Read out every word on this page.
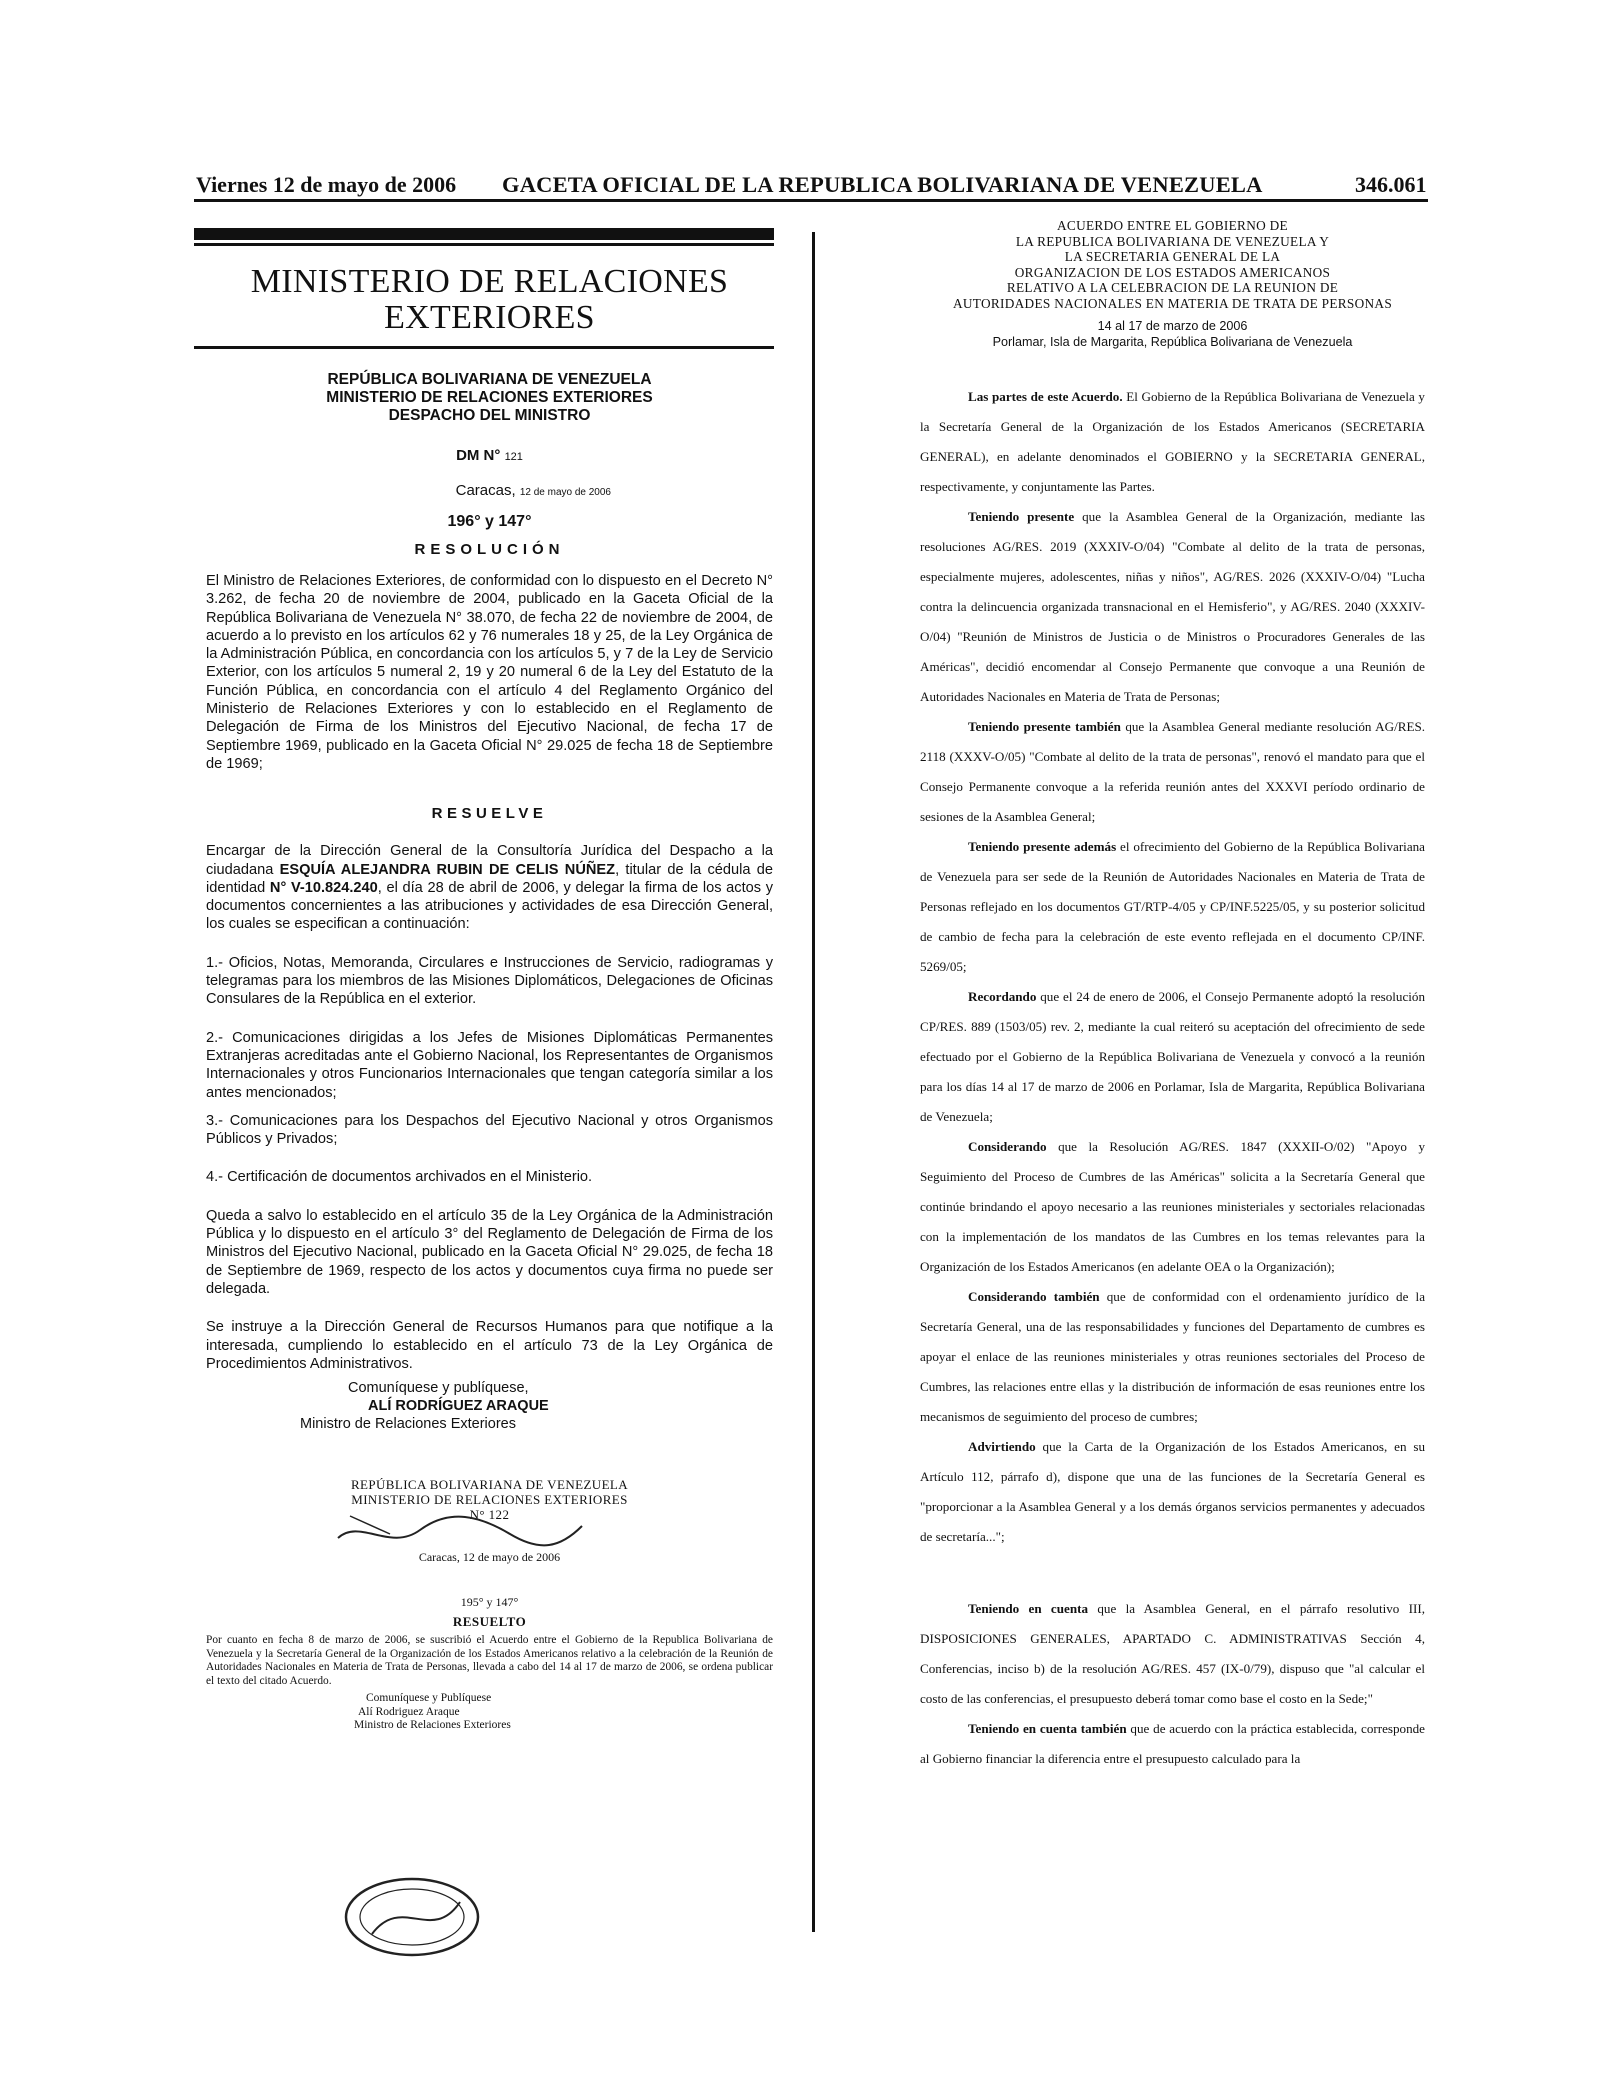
Viernes 12 de mayo de 2006 GACETA OFICIAL DE LA REPUBLICA BOLIVARIANA DE VENEZUELA	346.061
MINISTERIO DE RELACIONES
EXTERIORES
REPÚBLICA BOLIVARIANA DE VENEZUELA
MINISTERIO DE RELACIONES EXTERIORES
DESPACHO DEL MINISTRO
DM N° 121
Caracas, 12 de mayo de 2006
196° y 147°
RESOLUCIÓN
El Ministro de Relaciones Exteriores, de conformidad con lo dispuesto en el Decreto N° 3.262, de fecha 20 de noviembre de 2004, publicado en la Gaceta Oficial de la República Bolivariana de Venezuela N° 38.070, de fecha 22 de noviembre de 2004, de acuerdo a lo previsto en los artículos 62 y 76 numerales 18 y 25, de la Ley Orgánica de la Administración Pública, en concordancia con los artículos 5, y 7 de la Ley de Servicio Exterior, con los artículos 5 numeral 2, 19 y 20 numeral 6 de la Ley del Estatuto de la Función Pública, en concordancia con el artículo 4 del Reglamento Orgánico del Ministerio de Relaciones Exteriores y con lo establecido en el Reglamento de Delegación de Firma de los Ministros del Ejecutivo Nacional, de fecha 17 de Septiembre 1969, publicado en la Gaceta Oficial N° 29.025 de fecha 18 de Septiembre de 1969;
RESUELVE
Encargar de la Dirección General de la Consultoría Jurídica del Despacho a la ciudadana ESQUÍA ALEJANDRA RUBIN DE CELIS NÚÑEZ, titular de la cédula de identidad N° V-10.824.240, el día 28 de abril de 2006, y delegar la firma de los actos y documentos concernientes a las atribuciones y actividades de esa Dirección General, los cuales se especifican a continuación:
1.- Oficios, Notas, Memoranda, Circulares e Instrucciones de Servicio, radiogramas y telegramas para los miembros de las Misiones Diplomáticos, Delegaciones de Oficinas Consulares de la República en el exterior.
2.- Comunicaciones dirigidas a los Jefes de Misiones Diplomáticas Permanentes Extranjeras acreditadas ante el Gobierno Nacional, los Representantes de Organismos Internacionales y otros Funcionarios Internacionales que tengan categoría similar a los antes mencionados;
3.- Comunicaciones para los Despachos del Ejecutivo Nacional y otros Organismos Públicos y Privados;
4.- Certificación de documentos archivados en el Ministerio.
Queda a salvo lo establecido en el artículo 35 de la Ley Orgánica de la Administración Pública y lo dispuesto en el artículo 3° del Reglamento de Delegación de Firma de los Ministros del Ejecutivo Nacional, publicado en la Gaceta Oficial N° 29.025, de fecha 18 de Septiembre de 1969, respecto de los actos y documentos cuya firma no puede ser delegada.
Se instruye a la Dirección General de Recursos Humanos para que notifique a la interesada, cumpliendo lo establecido en el artículo 73 de la Ley Orgánica de Procedimientos Administrativos.
Comuníquese y publíquese,
ALÍ RODRÍGUEZ ARAQUE
Ministro de Relaciones Exteriores
REPÚBLICA BOLIVARIANA DE VENEZUELA
MINISTERIO DE RELACIONES EXTERIORES
N° 122
Caracas, 12 de mayo de 2006
195° y 147°
RESUELTO
Por cuanto en fecha 8 de marzo de 2006, se suscribió el Acuerdo entre el Gobierno de la Republica Bolivariana de Venezuela y la Secretaría General de la Organización de los Estados Americanos relativo a la celebración de la Reunión de Autoridades Nacionales en Materia de Trata de Personas, llevada a cabo del 14 al 17 de marzo de 2006, se ordena publicar el texto del citado Acuerdo.
Comuníquese y Publíquese
Alí Rodriguez Araque
Ministro de Relaciones Exteriores
ACUERDO ENTRE EL GOBIERNO DE
LA REPUBLICA BOLIVARIANA DE VENEZUELA Y
LA SECRETARIA GENERAL DE LA
ORGANIZACION DE LOS ESTADOS AMERICANOS
RELATIVO A LA CELEBRACION DE LA REUNION DE
AUTORIDADES NACIONALES EN MATERIA DE TRATA DE PERSONAS
14 al 17 de marzo de 2006
Porlamar, Isla de Margarita, República Bolivariana de Venezuela
Las partes de este Acuerdo. El Gobierno de la República Bolivariana de Venezuela y la Secretaría General de la Organización de los Estados Americanos (SECRETARIA GENERAL), en adelante denominados el GOBIERNO y la SECRETARIA GENERAL, respectivamente, y conjuntamente las Partes.
Teniendo presente que la Asamblea General de la Organización, mediante las resoluciones AG/RES. 2019 (XXXIV-O/04) "Combate al delito de la trata de personas, especialmente mujeres, adolescentes, niñas y niños", AG/RES. 2026 (XXXIV-O/04) "Lucha contra la delincuencia organizada transnacional en el Hemisferio", y AG/RES. 2040 (XXXIV-O/04) "Reunión de Ministros de Justicia o de Ministros o Procuradores Generales de las Américas", decidió encomendar al Consejo Permanente que convoque a una Reunión de Autoridades Nacionales en Materia de Trata de Personas;
Teniendo presente también que la Asamblea General mediante resolución AG/RES. 2118 (XXXV-O/05) "Combate al delito de la trata de personas", renovó el mandato para que el Consejo Permanente convoque a la referida reunión antes del XXXVI período ordinario de sesiones de la Asamblea General;
Teniendo presente además el ofrecimiento del Gobierno de la República Bolivariana de Venezuela para ser sede de la Reunión de Autoridades Nacionales en Materia de Trata de Personas reflejado en los documentos GT/RTP-4/05 y CP/INF.5225/05, y su posterior solicitud de cambio de fecha para la celebración de este evento reflejada en el documento CP/INF. 5269/05;
Recordando que el 24 de enero de 2006, el Consejo Permanente adoptó la resolución CP/RES. 889 (1503/05) rev. 2, mediante la cual reiteró su aceptación del ofrecimiento de sede efectuado por el Gobierno de la República Bolivariana de Venezuela y convocó a la reunión para los días 14 al 17 de marzo de 2006 en Porlamar, Isla de Margarita, República Bolivariana de Venezuela;
Considerando que la Resolución AG/RES. 1847 (XXXII-O/02) "Apoyo y Seguimiento del Proceso de Cumbres de las Américas" solicita a la Secretaría General que continúe brindando el apoyo necesario a las reuniones ministeriales y sectoriales relacionadas con la implementación de los mandatos de las Cumbres en los temas relevantes para la Organización de los Estados Americanos (en adelante OEA o la Organización);
Considerando también que de conformidad con el ordenamiento jurídico de la Secretaría General, una de las responsabilidades y funciones del Departamento de cumbres es apoyar el enlace de las reuniones ministeriales y otras reuniones sectoriales del Proceso de Cumbres, las relaciones entre ellas y la distribución de información de esas reuniones entre los mecanismos de seguimiento del proceso de cumbres;
Advirtiendo que la Carta de la Organización de los Estados Americanos, en su Artículo 112, párrafo d), dispone que una de las funciones de la Secretaría General es "proporcionar a la Asamblea General y a los demás órganos servicios permanentes y adecuados de secretaría...";
Teniendo en cuenta que la Asamblea General, en el párrafo resolutivo III, DISPOSICIONES GENERALES, APARTADO C. ADMINISTRATIVAS Sección 4, Conferencias, inciso b) de la resolución AG/RES. 457 (IX-0/79), dispuso que "al calcular el costo de las conferencias, el presupuesto deberá tomar como base el costo en la Sede;"
Teniendo en cuenta también que de acuerdo con la práctica establecida, corresponde al Gobierno financiar la diferencia entre el presupuesto calculado para la
